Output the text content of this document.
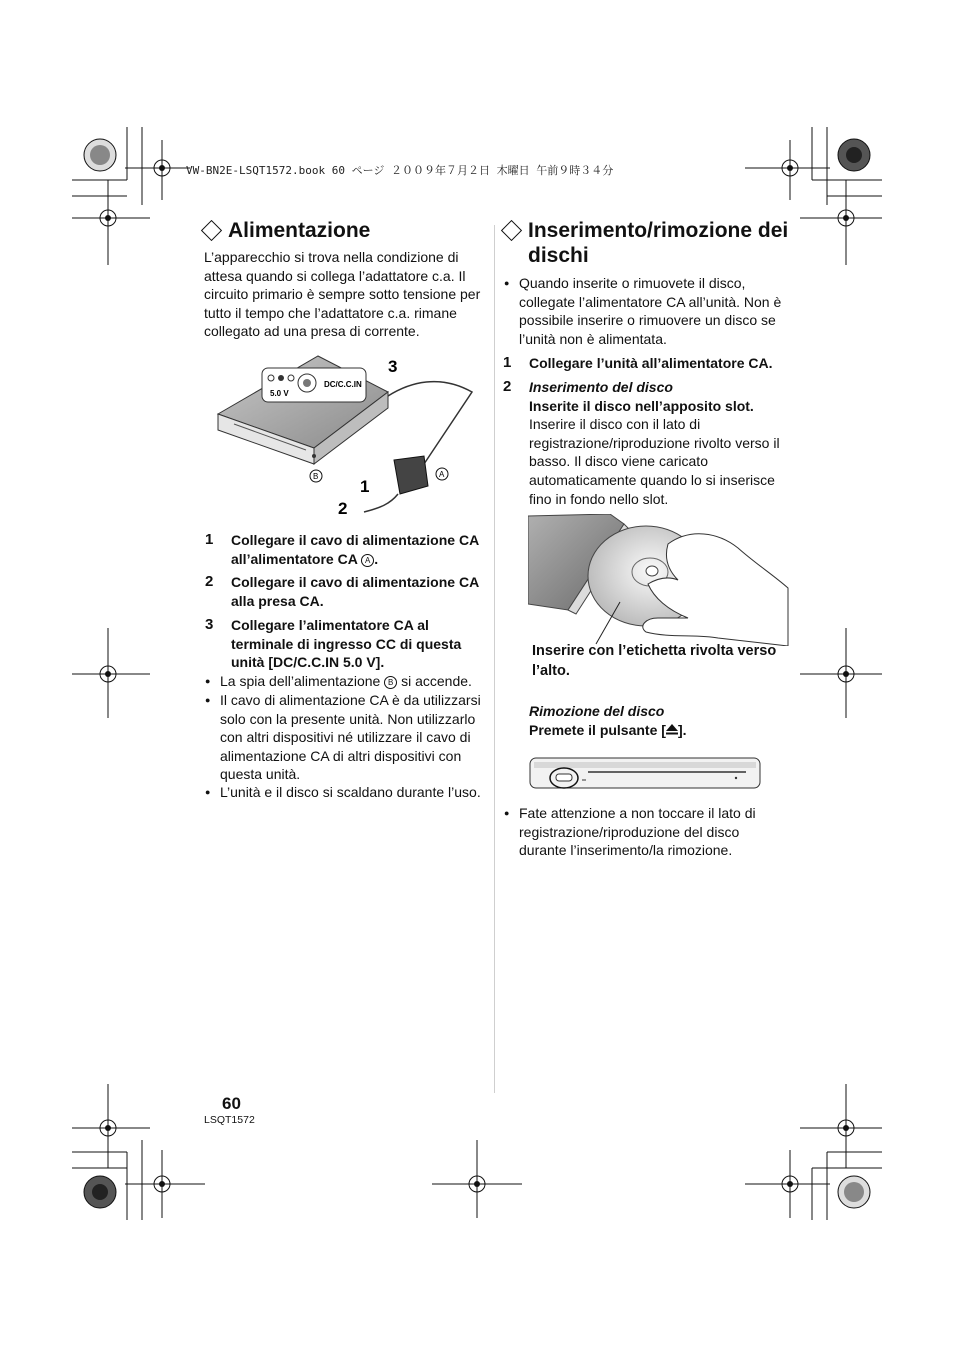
VW-BN2E-LSQT1572.book 60 ページ ２００９年７月２日 木曜日 午前９時３４分
Alimentazione
L’apparecchio si trova nella condizione di attesa quando si collega l’adattatore c.a. Il circuito primario è sempre sotto tensione per tutto il tempo che l’adattatore c.a. rimane collegato ad una presa di corrente.
DC/C.C.IN
5.0 V
A
B
3
1
2
1	Collegare il cavo di alimentazione CA all’alimentatore CA A .
2	Collegare il cavo di alimentazione CA alla presa CA.
3	Collegare l’alimentatore CA al terminale di ingresso CC di questa unità [DC/C.C.IN 5.0 V].
● La spia dell’alimentazione B si accende.
● Il cavo di alimentazione CA è da utilizzarsi solo con la presente unità. Non utilizzarlo con altri dispositivi né utilizzare il cavo di alimentazione CA di altri dispositivi con questa unità.
● L’unità e il disco si scaldano durante l’uso.
Inserimento/rimozione dei dischi
● Quando inserite o rimuovete il disco, collegate l’alimentatore CA all’unità. Non è possibile inserire o rimuovere un disco se l’unità non è alimentata.
1	Collegare l’unità all’alimentatore CA.
2	Inserimento del disco
Inserite il disco nell’apposito slot.
Inserire il disco con il lato di registrazione/riproduzione rivolto verso il basso. Il disco viene caricato automaticamente quando lo si inserisce fino in fondo nello slot.
Inserire con l’etichetta rivolta verso l’alto.
Rimozione del disco
Premete il pulsante [ ].
● Fate attenzione a non toccare il lato di registrazione/riproduzione del disco durante l’inserimento/la rimozione.
60
LSQT1572
